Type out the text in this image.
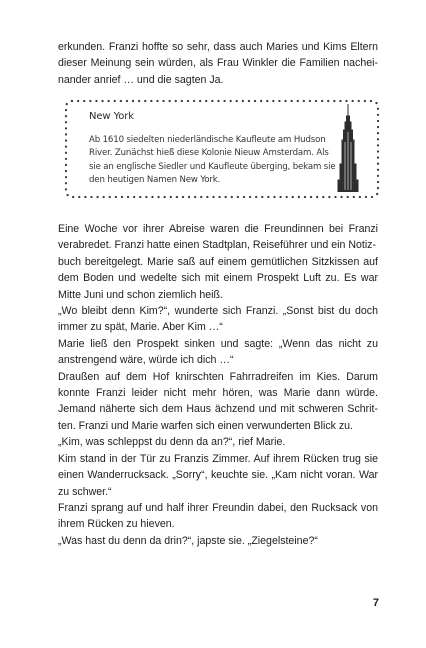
erkunden. Franzi hoffte so sehr, dass auch Maries und Kims Eltern
dieser Meinung sein würden, als Frau Winkler die Familien nachei-
nander anrief … und die sagten Ja.
New York
Ab 1610 siedelten niederländische Kaufleute am Hudson
River. Zunächst hieß diese Kolonie Nieuw Amsterdam. Als
sie an englische Siedler und Kaufleute überging, bekam sie
den heutigen Namen New York.
Eine Woche vor ihrer Abreise waren die Freundinnen bei Franzi
verabredet. Franzi hatte einen Stadtplan, Reiseführer und ein Notiz-
buch bereitgelegt. Marie saß auf einem gemütlichen Sitzkissen auf
dem Boden und wedelte sich mit einem Prospekt Luft zu. Es war
Mitte Juni und schon ziemlich heiß.
„Wo bleibt denn Kim?“, wunderte sich Franzi. „Sonst bist du doch
immer zu spät, Marie. Aber Kim …“
Marie ließ den Prospekt sinken und sagte: „Wenn das nicht zu
anstrengend wäre, würde ich dich …“
Draußen auf dem Hof knirschten Fahrradreifen im Kies. Darum
konnte Franzi leider nicht mehr hören, was Marie dann würde.
Jemand näherte sich dem Haus ächzend und mit schweren Schrit-
ten. Franzi und Marie warfen sich einen verwunderten Blick zu.
„Kim, was schleppst du denn da an?“, rief Marie.
Kim stand in der Tür zu Franzis Zimmer. Auf ihrem Rücken trug sie
einen Wanderrucksack. „Sorry“, keuchte sie. „Kam nicht voran. War
zu schwer.“
Franzi sprang auf und half ihrer Freundin dabei, den Rucksack von
ihrem Rücken zu hieven.
„Was hast du denn da drin?“, japste sie. „Ziegelsteine?“
7
